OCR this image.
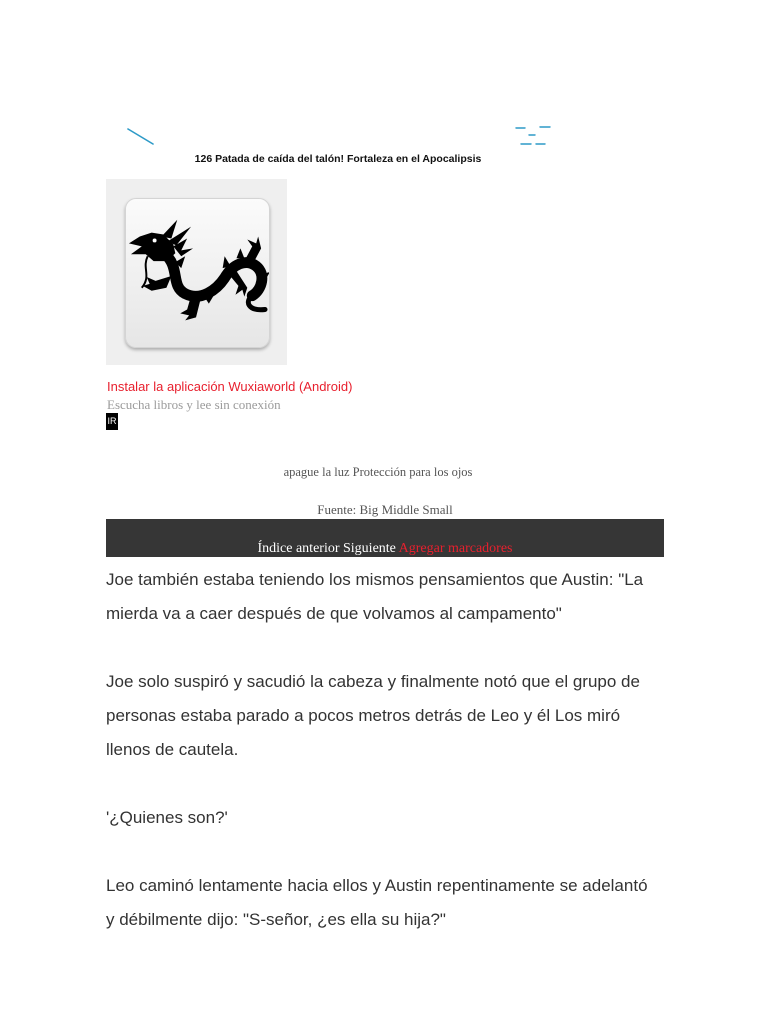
126 Patada de caída del talón! Fortaleza en el Apocalipsis
Instalar la aplicación Wuxiaworld (Android)
Escucha libros y lee sin conexión
IR
apague la luz Protección para los ojos
Fuente: Big Middle Small
Índice anterior Siguiente Agregar marcadores

Joe también estaba teniendo los mismos pensamientos que Austin: "La mierda va a caer después de que volvamos al campamento"

Joe solo suspiró y sacudió la cabeza y finalmente notó que el grupo de personas estaba parado a pocos metros detrás de Leo y él Los miró llenos de cautela.

'¿Quienes son?'

Leo caminó lentamente hacia ellos y Austin repentinamente se adelantó y débilmente dijo: "S-señor, ¿es ella su hija?"
